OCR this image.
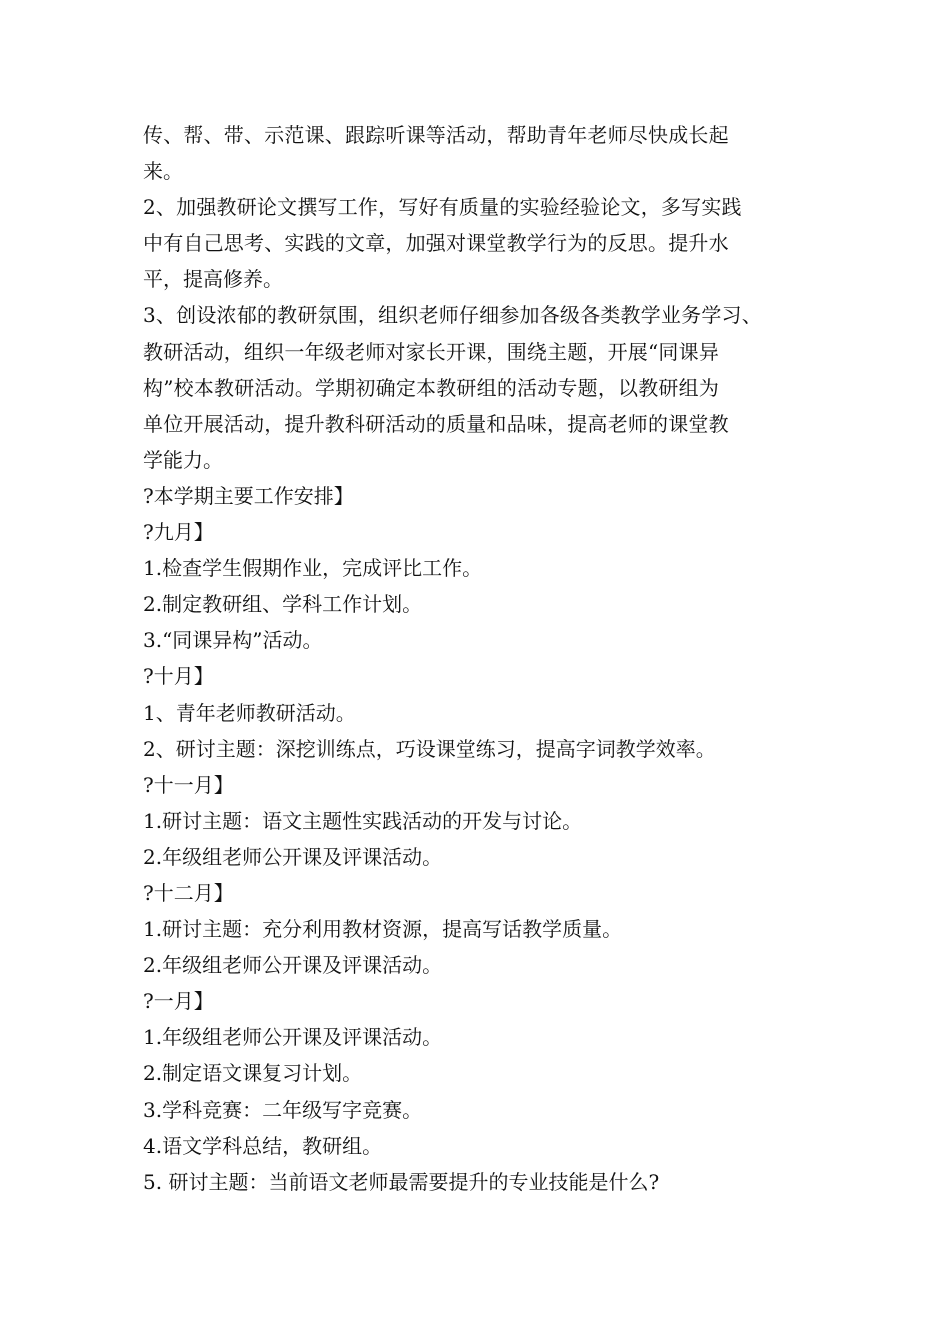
传、帮、带、示范课、跟踪听课等活动，帮助青年老师尽快成长起
来。
2、加强教研论文撰写工作，写好有质量的实验经验论文，多写实践
中有自己思考、实践的文章，加强对课堂教学行为的反思。提升水
平，提高修养。
3、创设浓郁的教研氛围，组织老师仔细参加各级各类教学业务学习、
教研活动，组织一年级老师对家长开课，围绕主题，开展“同课异
构”校本教研活动。学期初确定本教研组的活动专题，以教研组为
单位开展活动，提升教科研活动的质量和品味，提高老师的课堂教
学能力。
?本学期主要工作安排】
?九月】
1.检查学生假期作业，完成评比工作。
2.制定教研组、学科工作计划。
3.“同课异构”活动。
?十月】
1、青年老师教研活动。
2、研讨主题：深挖训练点，巧设课堂练习，提高字词教学效率。
?十一月】
1.研讨主题：语文主题性实践活动的开发与讨论。
2.年级组老师公开课及评课活动。
?十二月】
1.研讨主题：充分利用教材资源，提高写话教学质量。
2.年级组老师公开课及评课活动。
?一月】
1.年级组老师公开课及评课活动。
2.制定语文课复习计划。
3.学科竞赛：二年级写字竞赛。
4.语文学科总结，教研组。
5. 研讨主题：当前语文老师最需要提升的专业技能是什么?
